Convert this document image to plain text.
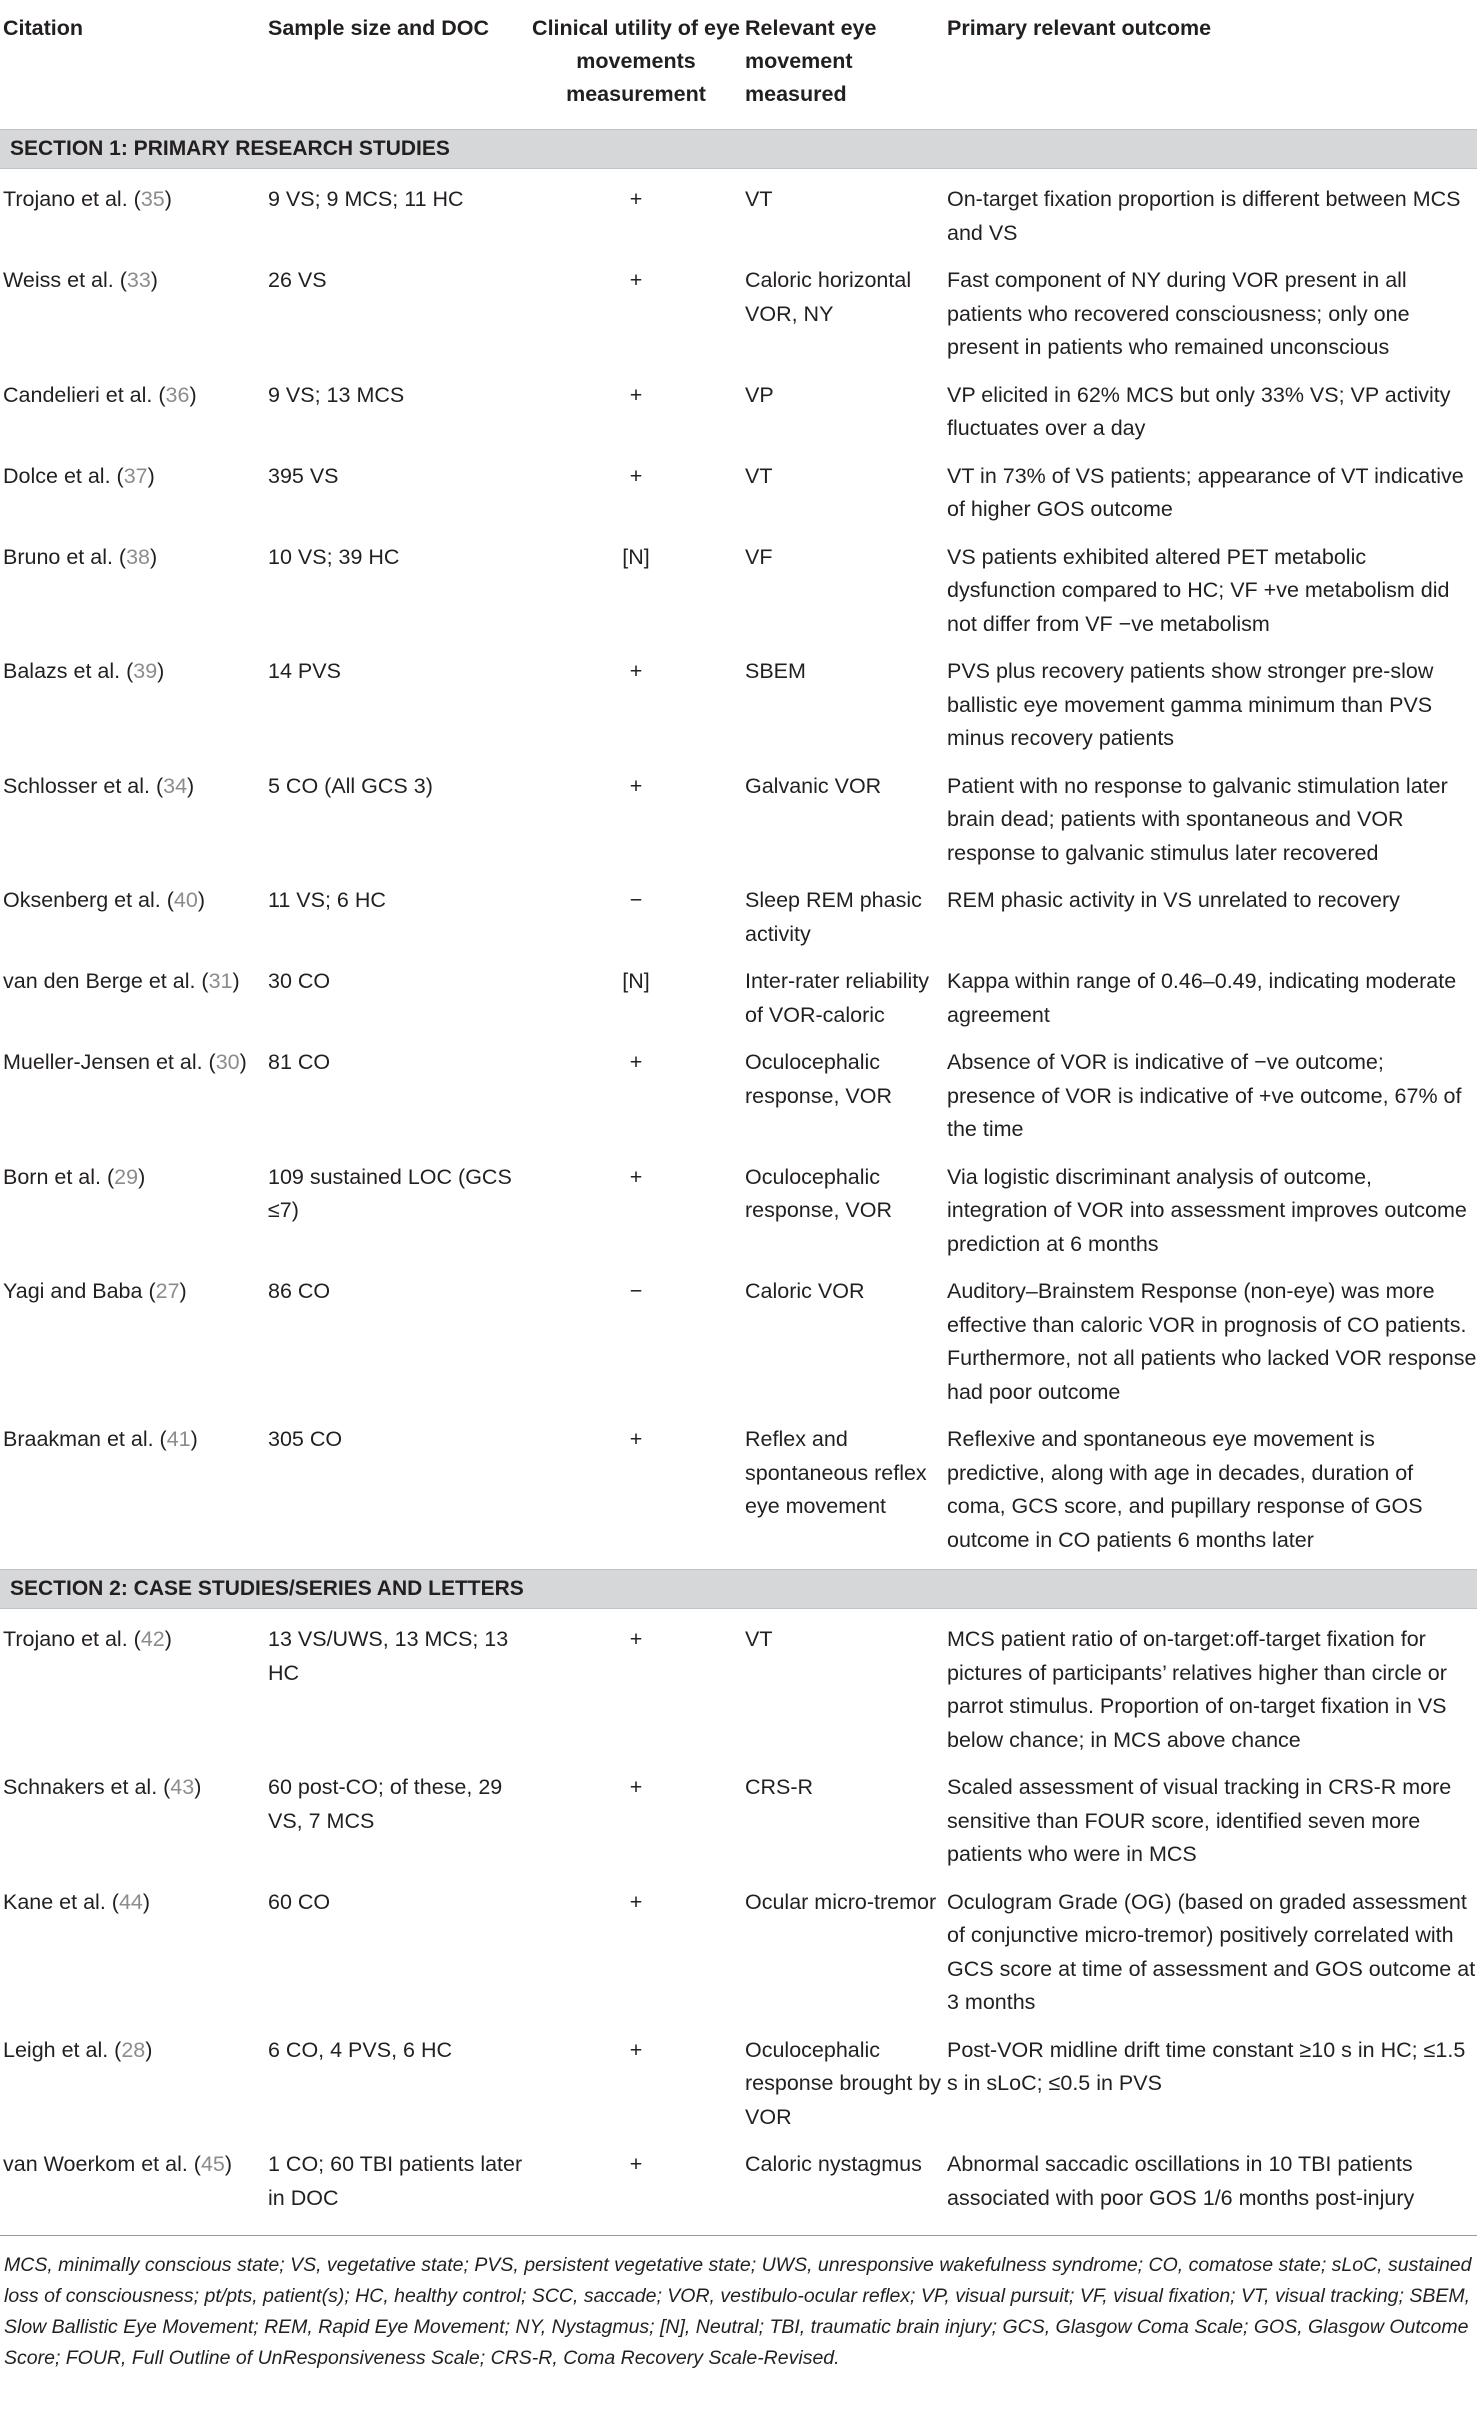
Citation	Sample size and DOC	Clinical utility of eye movements measurement	Relevant eye movement measured	Primary relevant outcome
SECTION 1: PRIMARY RESEARCH STUDIES				
Trojano et al. (35)	9 VS; 9 MCS; 11 HC	+	VT	On-target fixation proportion is different between MCS and VS
Weiss et al. (33)	26 VS	+	Caloric horizontal VOR, NY	Fast component of NY during VOR present in all patients who recovered consciousness; only one present in patients who remained unconscious
Candelieri et al. (36)	9 VS; 13 MCS	+	VP	VP elicited in 62% MCS but only 33% VS; VP activity fluctuates over a day
Dolce et al. (37)	395 VS	+	VT	VT in 73% of VS patients; appearance of VT indicative of higher GOS outcome
Bruno et al. (38)	10 VS; 39 HC	[N]	VF	VS patients exhibited altered PET metabolic dysfunction compared to HC; VF +ve metabolism did not differ from VF −ve metabolism
Balazs et al. (39)	14 PVS	+	SBEM	PVS plus recovery patients show stronger pre-slow ballistic eye movement gamma minimum than PVS minus recovery patients
Schlosser et al. (34)	5 CO (All GCS 3)	+	Galvanic VOR	Patient with no response to galvanic stimulation later brain dead; patients with spontaneous and VOR response to galvanic stimulus later recovered
Oksenberg et al. (40)	11 VS; 6 HC	−	Sleep REM phasic activity	REM phasic activity in VS unrelated to recovery
van den Berge et al. (31)	30 CO	[N]	Inter-rater reliability of VOR-caloric	Kappa within range of 0.46–0.49, indicating moderate agreement
Mueller-Jensen et al. (30)	81 CO	+	Oculocephalic response, VOR	Absence of VOR is indicative of −ve outcome; presence of VOR is indicative of +ve outcome, 67% of the time
Born et al. (29)	109 sustained LOC (GCS ≤7)	+	Oculocephalic response, VOR	Via logistic discriminant analysis of outcome, integration of VOR into assessment improves outcome prediction at 6 months
Yagi and Baba (27)	86 CO	−	Caloric VOR	Auditory–Brainstem Response (non-eye) was more effective than caloric VOR in prognosis of CO patients. Furthermore, not all patients who lacked VOR response had poor outcome
Braakman et al. (41)	305 CO	+	Reflex and spontaneous reflex eye movement	Reflexive and spontaneous eye movement is predictive, along with age in decades, duration of coma, GCS score, and pupillary response of GOS outcome in CO patients 6 months later
SECTION 2: CASE STUDIES/SERIES AND LETTERS				
Trojano et al. (42)	13 VS/UWS, 13 MCS; 13 HC	+	VT	MCS patient ratio of on-target:off-target fixation for pictures of participants’ relatives higher than circle or parrot stimulus. Proportion of on-target fixation in VS below chance; in MCS above chance
Schnakers et al. (43)	60 post-CO; of these, 29 VS, 7 MCS	+	CRS-R	Scaled assessment of visual tracking in CRS-R more sensitive than FOUR score, identified seven more patients who were in MCS
Kane et al. (44)	60 CO	+	Ocular micro-tremor	Oculogram Grade (OG) (based on graded assessment of conjunctive micro-tremor) positively correlated with GCS score at time of assessment and GOS outcome at 3 months
Leigh et al. (28)	6 CO, 4 PVS, 6 HC	+	Oculocephalic response brought by VOR	Post-VOR midline drift time constant ≥10 s in HC; ≤1.5 s in sLoC; ≤0.5 in PVS
van Woerkom et al. (45)	1 CO; 60 TBI patients later in DOC	+	Caloric nystagmus	Abnormal saccadic oscillations in 10 TBI patients associated with poor GOS 1/6 months post-injury
MCS, minimally conscious state; VS, vegetative state; PVS, persistent vegetative state; UWS, unresponsive wakefulness syndrome; CO, comatose state; sLoC, sustained loss of consciousness; pt/pts, patient(s); HC, healthy control; SCC, saccade; VOR, vestibulo-ocular reflex; VP, visual pursuit; VF, visual fixation; VT, visual tracking; SBEM, Slow Ballistic Eye Movement; REM, Rapid Eye Movement; NY, Nystagmus; [N], Neutral; TBI, traumatic brain injury; GCS, Glasgow Coma Scale; GOS, Glasgow Outcome Score; FOUR, Full Outline of UnResponsiveness Scale; CRS-R, Coma Recovery Scale-Revised.
